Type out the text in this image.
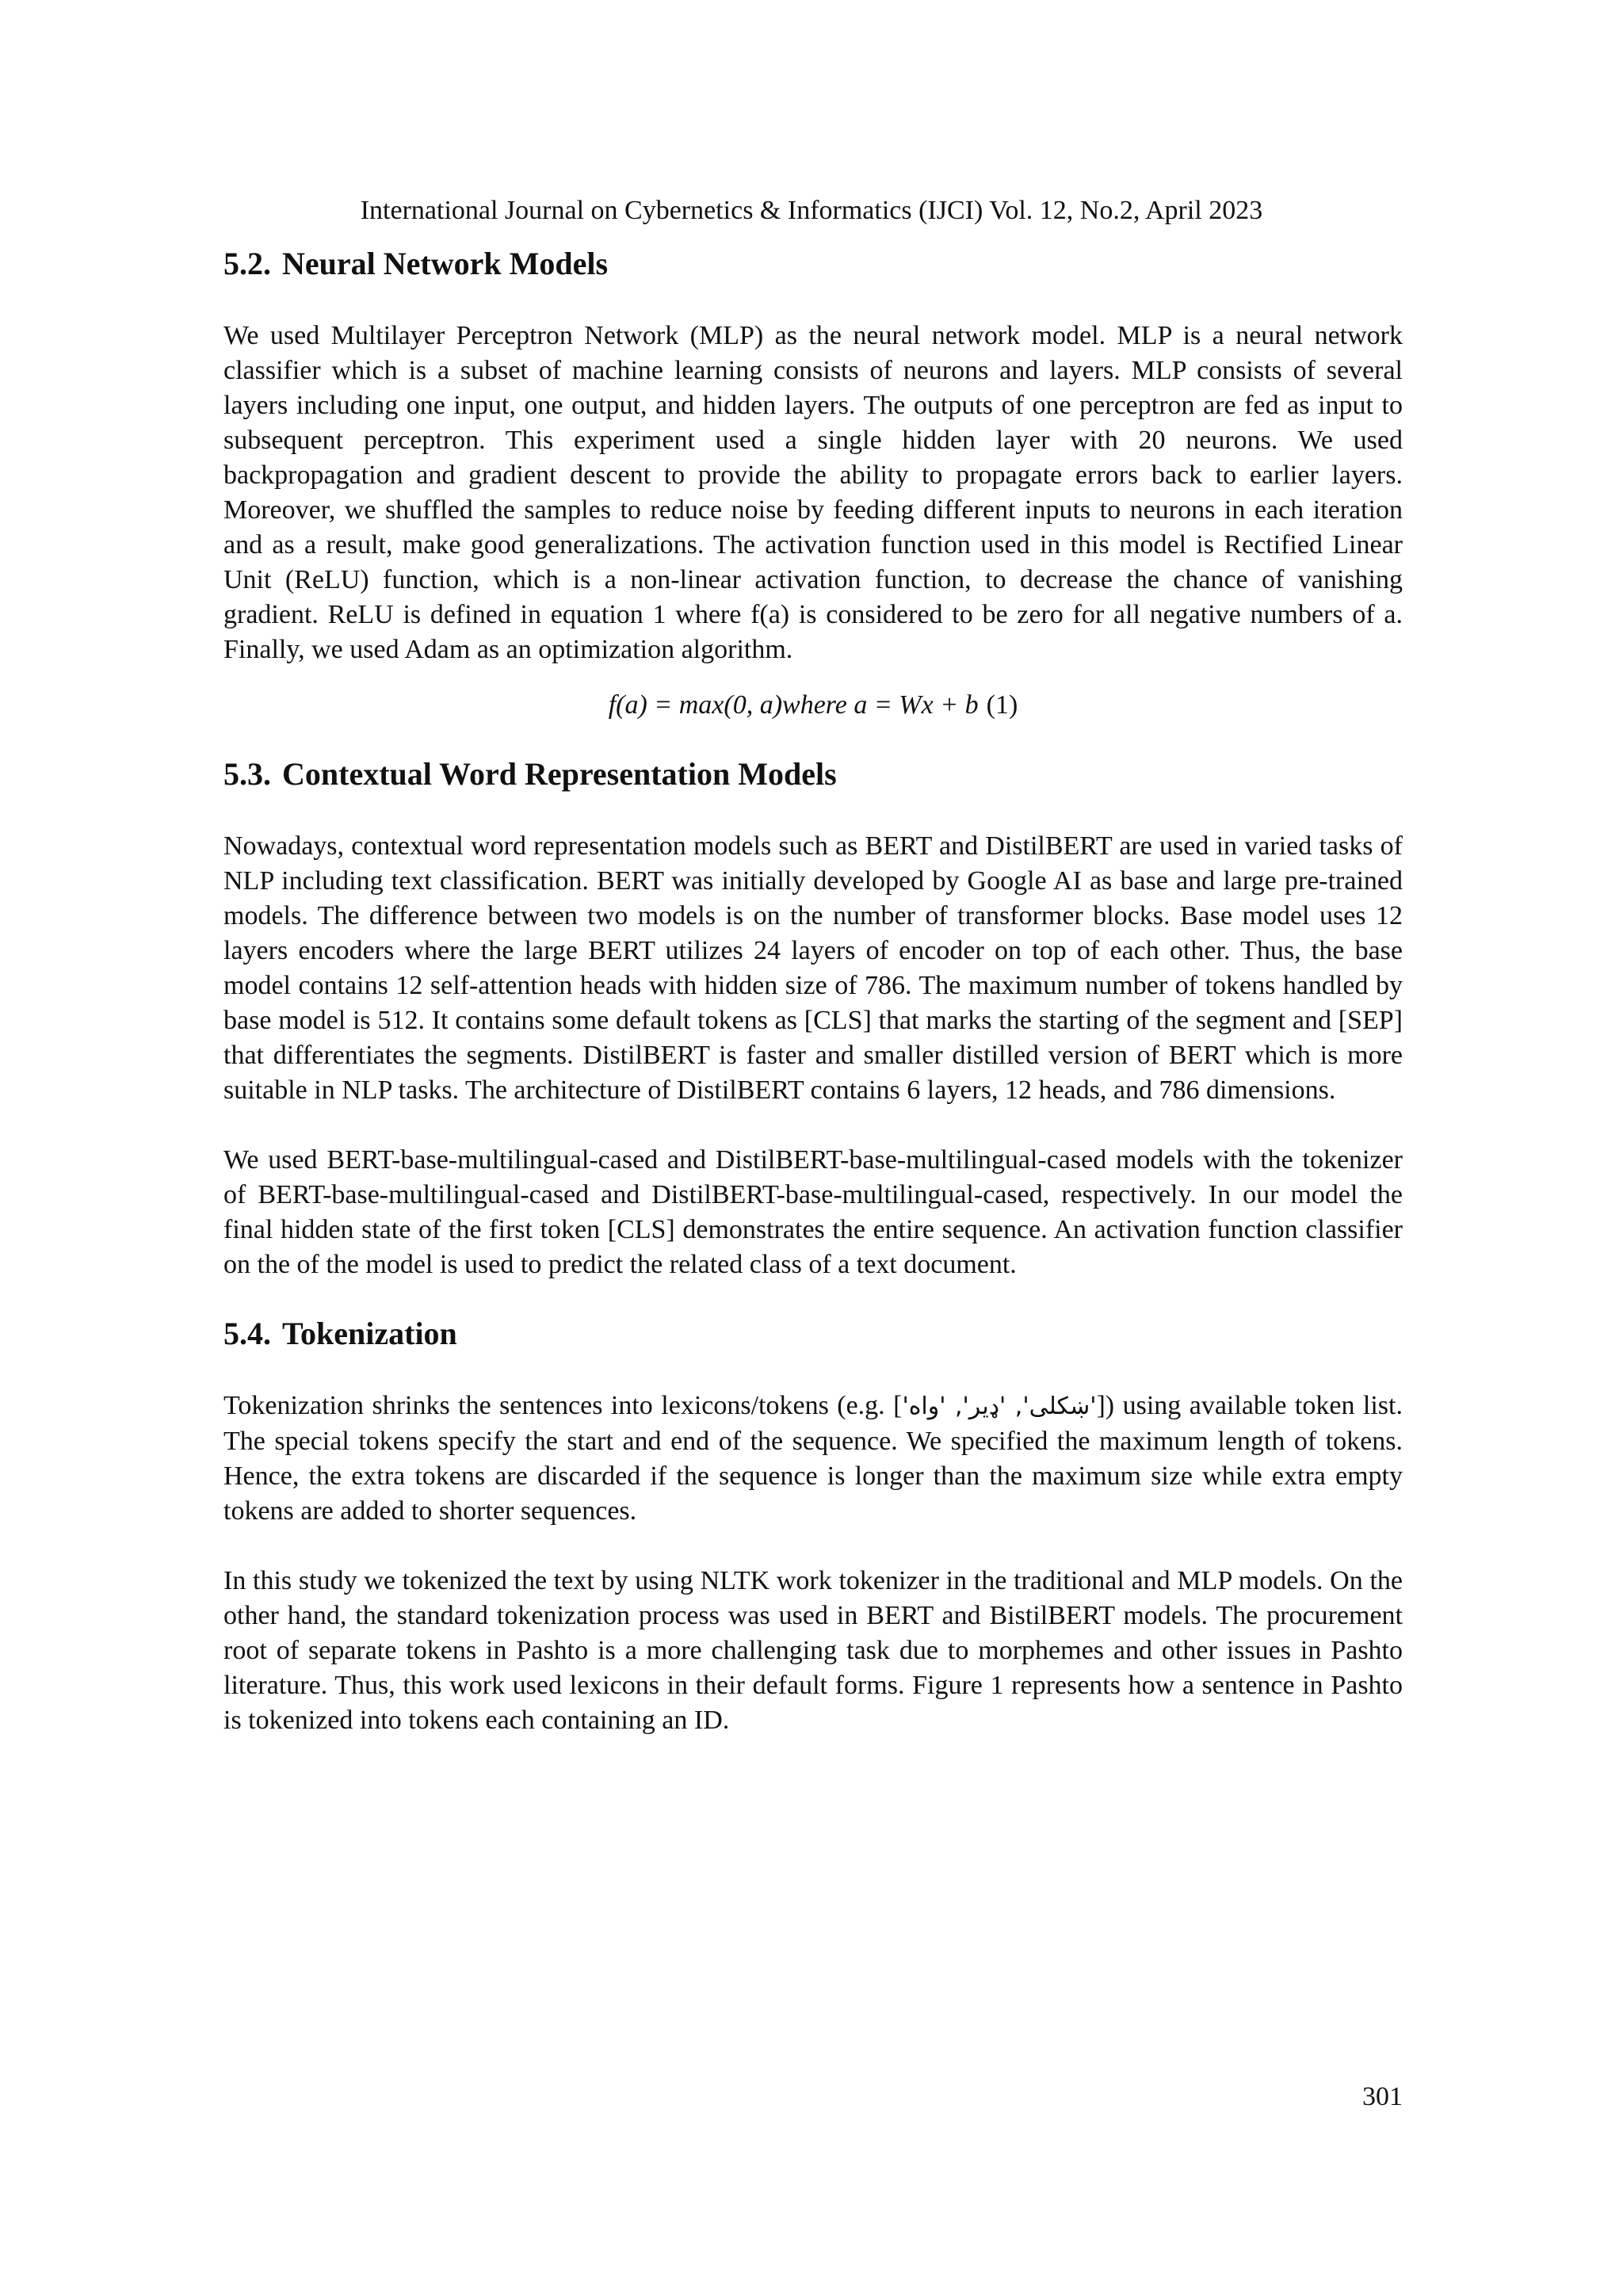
International Journal on Cybernetics & Informatics (IJCI) Vol. 12, No.2, April 2023
5.2. Neural Network Models

We used Multilayer Perceptron Network (MLP) as the neural network model. MLP is a neural network classifier which is a subset of machine learning consists of neurons and layers. MLP consists of several layers including one input, one output, and hidden layers. The outputs of one perceptron are fed as input to subsequent perceptron. This experiment used a single hidden layer with 20 neurons. We used backpropagation and gradient descent to provide the ability to propagate errors back to earlier layers. Moreover, we shuffled the samples to reduce noise by feeding different inputs to neurons in each iteration and as a result, make good generalizations. The activation function used in this model is Rectified Linear Unit (ReLU) function, which is a non-linear activation function, to decrease the chance of vanishing gradient. ReLU is defined in equation 1 where f(a) is considered to be zero for all negative numbers of a. Finally, we used Adam as an optimization algorithm.

f(a) = max(0, a)where a = Wx + b (1)
5.3. Contextual Word Representation Models

Nowadays, contextual word representation models such as BERT and DistilBERT are used in varied tasks of NLP including text classification. BERT was initially developed by Google AI as base and large pre-trained models. The difference between two models is on the number of transformer blocks. Base model uses 12 layers encoders where the large BERT utilizes 24 layers of encoder on top of each other. Thus, the base model contains 12 self-attention heads with hidden size of 786. The maximum number of tokens handled by base model is 512. It contains some default tokens as [CLS] that marks the starting of the segment and [SEP] that differentiates the segments. DistilBERT is faster and smaller distilled version of BERT which is more suitable in NLP tasks. The architecture of DistilBERT contains 6 layers, 12 heads, and 786 dimensions.

We used BERT-base-multilingual-cased and DistilBERT-base-multilingual-cased models with the tokenizer of BERT-base-multilingual-cased and DistilBERT-base-multilingual-cased, respectively. In our model the final hidden state of the first token [CLS] demonstrates the entire sequence. An activation function classifier on the of the model is used to predict the related class of a text document.

5.4. Tokenization

Tokenization shrinks the sentences into lexicons/tokens (e.g. ['ښکلی', 'ډیر', 'واه']) using available token list. The special tokens specify the start and end of the sequence. We specified the maximum length of tokens. Hence, the extra tokens are discarded if the sequence is longer than the maximum size while extra empty tokens are added to shorter sequences.

In this study we tokenized the text by using NLTK work tokenizer in the traditional and MLP models. On the other hand, the standard tokenization process was used in BERT and BistilBERT models. The procurement root of separate tokens in Pashto is a more challenging task due to morphemes and other issues in Pashto literature. Thus, this work used lexicons in their default forms. Figure 1 represents how a sentence in Pashto is tokenized into tokens each containing an ID.

301
